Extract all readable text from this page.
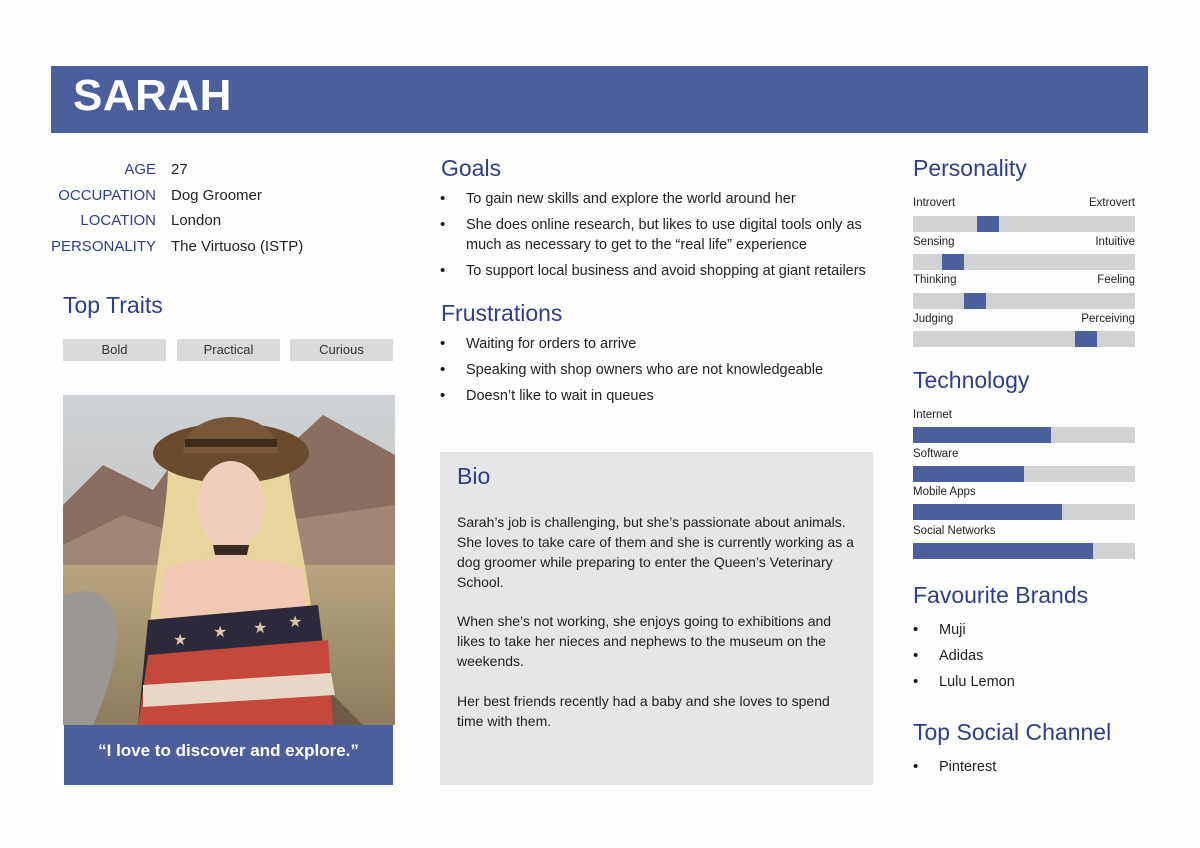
SARAH
AGE 27
OCCUPATION Dog Groomer
LOCATION London
PERSONALITY The Virtuoso (ISTP)
Top Traits
Bold	Practical	Curious
★ ★ ★ ★
“I love to discover and explore.”
Goals
• To gain new skills and explore the world around her
• She does online research, but likes to use digital tools only as much as necessary to get to the “real life” experience
• To support local business and avoid shopping at giant retailers
Frustrations
• Waiting for orders to arrive
• Speaking with shop owners who are not knowledgeable
• Doesn’t like to wait in queues
Bio
Sarah’s job is challenging, but she’s passionate about animals. She loves to take care of them and she is currently working as a dog groomer while preparing to enter the Queen’s Veterinary School.
When she’s not working, she enjoys going to exhibitions and likes to take her nieces and nephews to the museum on the weekends.
Her best friends recently had a baby and she loves to spend time with them.
Personality
Introvert	Extrovert
Sensing	Intuitive
Thinking	Feeling
Judging	Perceiving
Technology
Internet
Software
Mobile Apps
Social Networks
Favourite Brands
• Muji
• Adidas
• Lulu Lemon
Top Social Channel
• Pinterest
